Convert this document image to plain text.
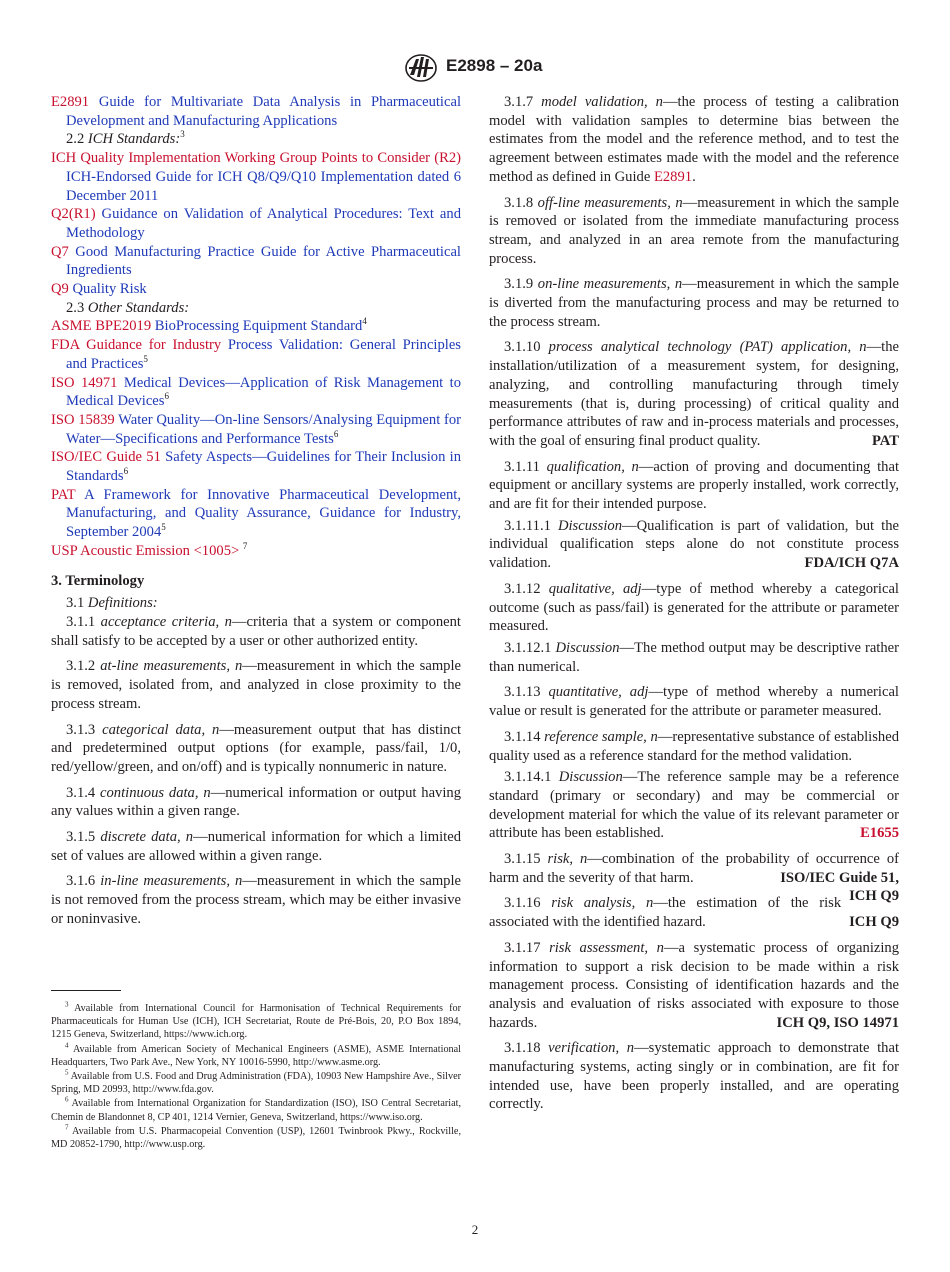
E2898 – 20a

E2891 Guide for Multivariate Data Analysis in Pharmaceutical Development and Manufacturing Applications

2.2 ICH Standards:$^3$

ICH Quality Implementation Working Group Points to Consider (R2) ICH-Endorsed Guide for ICH Q8/Q9/Q10 Implementation dated 6 December 2011

Q2(R1) Guidance on Validation of Analytical Procedures: Text and Methodology

Q7 Good Manufacturing Practice Guide for Active Pharmaceutical Ingredients

Q9 Quality Risk

2.3 Other Standards:

ASME BPE2019 BioProcessing Equipment Standard$^4$

FDA Guidance for Industry Process Validation: General Principles and Practices$^5$

ISO 14971 Medical Devices—Application of Risk Management to Medical Devices$^6$

ISO 15839 Water Quality—On-line Sensors/Analysing Equipment for Water—Specifications and Performance Tests$^6$

ISO/IEC Guide 51 Safety Aspects—Guidelines for Their Inclusion in Standards$^6$

PAT A Framework for Innovative Pharmaceutical Development, Manufacturing, and Quality Assurance, Guidance for Industry, September 2004$^5$

USP Acoustic Emission <1005> $^7$

3. Terminology

3.1 Definitions:

3.1.1 acceptance criteria, n—criteria that a system or component shall satisfy to be accepted by a user or other authorized entity.

3.1.2 at-line measurements, n—measurement in which the sample is removed, isolated from, and analyzed in close proximity to the process stream.

3.1.3 categorical data, n—measurement output that has distinct and predetermined output options (for example, pass/fail, 1/0, red/yellow/green, and on/off) and is typically nonnumeric in nature.

3.1.4 continuous data, n—numerical information or output having any values within a given range.

3.1.5 discrete data, n—numerical information for which a limited set of values are allowed within a given range.

3.1.6 in-line measurements, n—measurement in which the sample is not removed from the process stream, which may be either invasive or noninvasive.

$^3$ Available from International Council for Harmonisation of Technical Requirements for Pharmaceuticals for Human Use (ICH), ICH Secretariat, Route de Pré-Bois, 20, P.O Box 1894, 1215 Geneva, Switzerland, https://www.ich.org.

$^4$ Available from American Society of Mechanical Engineers (ASME), ASME International Headquarters, Two Park Ave., New York, NY 10016-5990, http://www.asme.org.

$^5$ Available from U.S. Food and Drug Administration (FDA), 10903 New Hampshire Ave., Silver Spring, MD 20993, http://www.fda.gov.

$^6$ Available from International Organization for Standardization (ISO), ISO Central Secretariat, Chemin de Blandonnet 8, CP 401, 1214 Vernier, Geneva, Switzerland, https://www.iso.org.

$^7$ Available from U.S. Pharmacopeial Convention (USP), 12601 Twinbrook Pkwy., Rockville, MD 20852-1790, http://www.usp.org.

3.1.7 model validation, n—the process of testing a calibration model with validation samples to determine bias between the estimates from the model and the reference method, and to test the agreement between estimates made with the model and the reference method as defined in Guide E2891.

3.1.8 off-line measurements, n—measurement in which the sample is removed or isolated from the immediate manufacturing process stream, and analyzed in an area remote from the manufacturing process.

3.1.9 on-line measurements, n—measurement in which the sample is diverted from the manufacturing process and may be returned to the process stream.

3.1.10 process analytical technology (PAT) application, n—the installation/utilization of a measurement system, for designing, analyzing, and controlling manufacturing through timely measurements (that is, during processing) of critical quality and performance attributes of raw and in-process materials and processes, with the goal of ensuring final product quality.	PAT

3.1.11 qualification, n—action of proving and documenting that equipment or ancillary systems are properly installed, work correctly, and are fit for their intended purpose.

3.1.11.1 Discussion—Qualification is part of validation, but the individual qualification steps alone do not constitute process validation.	FDA/ICH Q7A

3.1.12 qualitative, adj—type of method whereby a categorical outcome (such as pass/fail) is generated for the attribute or parameter measured.

3.1.12.1 Discussion—The method output may be descriptive rather than numerical.

3.1.13 quantitative, adj—type of method whereby a numerical value or result is generated for the attribute or parameter measured.

3.1.14 reference sample, n—representative substance of established quality used as a reference standard for the method validation.

3.1.14.1 Discussion—The reference sample may be a reference standard (primary or secondary) and may be commercial or development material for which the value of its relevant parameter or attribute has been established.	E1655

3.1.15 risk, n—combination of the probability of occurrence of harm and the severity of that harm.	ISO/IEC Guide 51,

ICH Q9

3.1.16 risk analysis, n—the estimation of the risk associated with the identified hazard.	ICH Q9

3.1.17 risk assessment, n—a systematic process of organizing information to support a risk decision to be made within a risk management process. Consisting of identification hazards and the analysis and evaluation of risks associated with exposure to those hazards.	ICH Q9, ISO 14971

3.1.18 verification, n—systematic approach to demonstrate that manufacturing systems, acting singly or in combination, are fit for intended use, have been properly installed, and are operating correctly.

2
